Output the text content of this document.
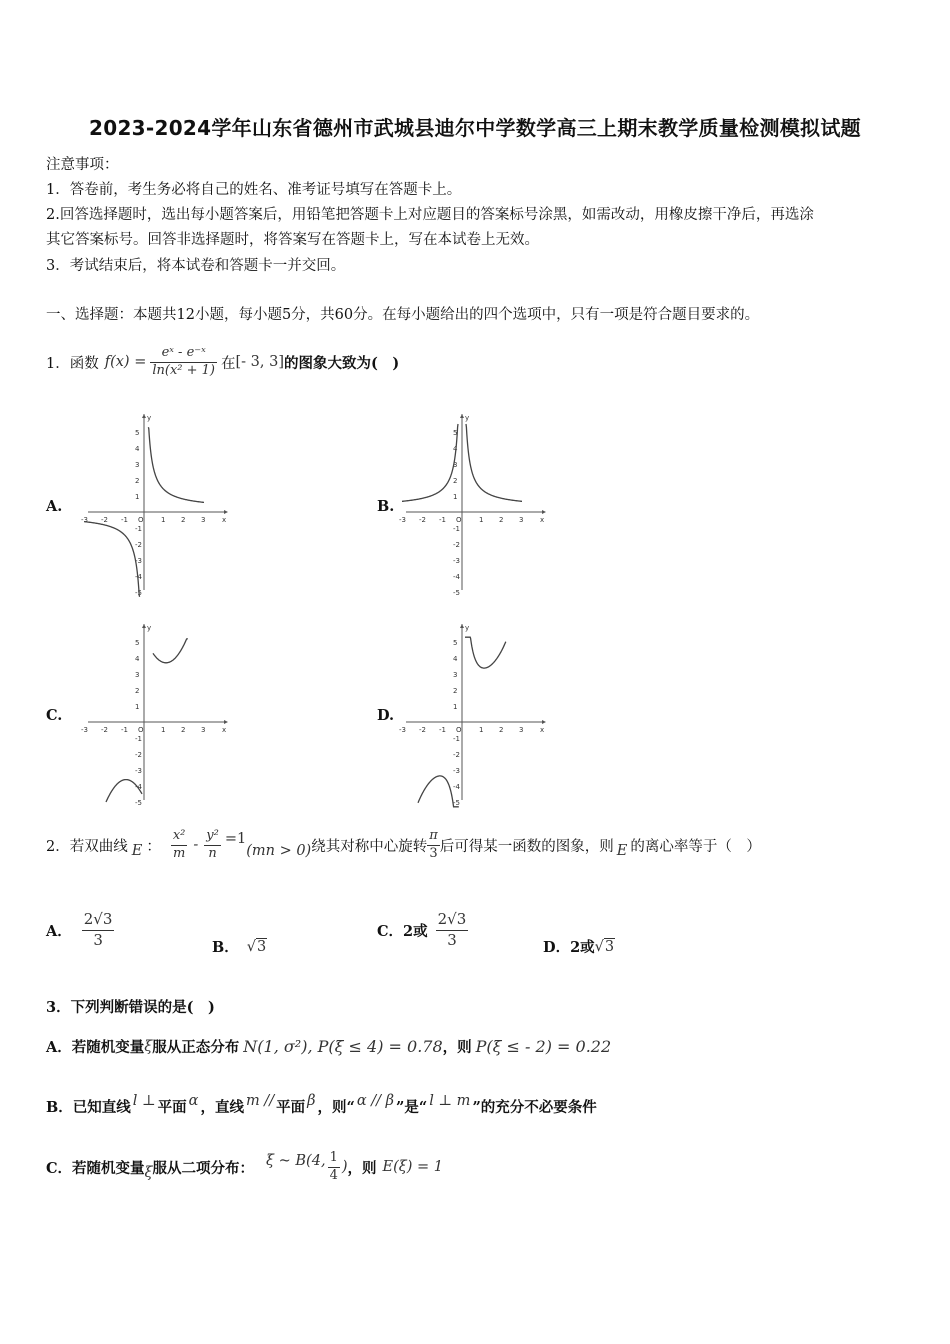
2023-2024学年山东省德州市武城县迪尔中学数学高三上期末教学质量检测模拟试题
注意事项：
1．答卷前，考生务必将自己的姓名、准考证号填写在答题卡上。
2.回答选择题时，选出每小题答案后，用铅笔把答题卡上对应题目的答案标号涂黑，如需改动，用橡皮擦干净后，再选涂
其它答案标号。回答非选择题时，将答案写在答题卡上，写在本试卷上无效。
3．考试结束后，将本试卷和答题卡一并交回。
一、选择题：本题共12小题，每小题5分，共60分。在每小题给出的四个选项中，只有一项是符合题目要求的。
1．函数 $f(x) = \frac{\text{eˣ - e⁻ˣ}}{\text{ln(x² + 1)}}$ 在 [- 3, 3] 的图象大致为(　)
A.	B.
C.	D.
-3 -2 -1 O 1 2 3 x
y
5
4
3
2
1
-1
-2
-3
-4
-5
-3 -2 -1 O 1 2 3 x
y
5
4
3
2
1
-1
-2
-3
-4
-5
-3 -2 -1 O 1 2 3 x
y
5
4
3
2
1
-1
-2
-3
-4
-5
-3 -2 -1 O 1 2 3 x
y
5
4
3
2
1
-1
-2
-3
-4
-5
2．若双曲线 E ： $\frac{\text{x²}}{m} - \frac{\text{y²}}{n} =1$
(mn > 0) 绕其对称中心旋转 $\frac{\pi}{3}$ 后可得某一函数的图象，则 E 的离心率等于（　）
A． $\frac{2√3}{3}$	B． √3
C． 2或 $\frac{2√3}{3}$	D． 2或 √3
3．下列判断错误的是(　)
A． 若随机变量 ξ 服从正态分布 N(1, σ²), P(ξ ≤ 4) = 0.78 ，则 P(ξ ≤ - 2) = 0.22
B． 已知直线 l ⊥ 平面 α ，直线 m // 平面 β ，则“ α // β ”是“ l ⊥ m ”的充分不必要条件
C． 若随机变量 ξ 服从二项分布： ξ ~ B(4, $\frac{1}{4}$ ) ，则 E(ξ) = 1
